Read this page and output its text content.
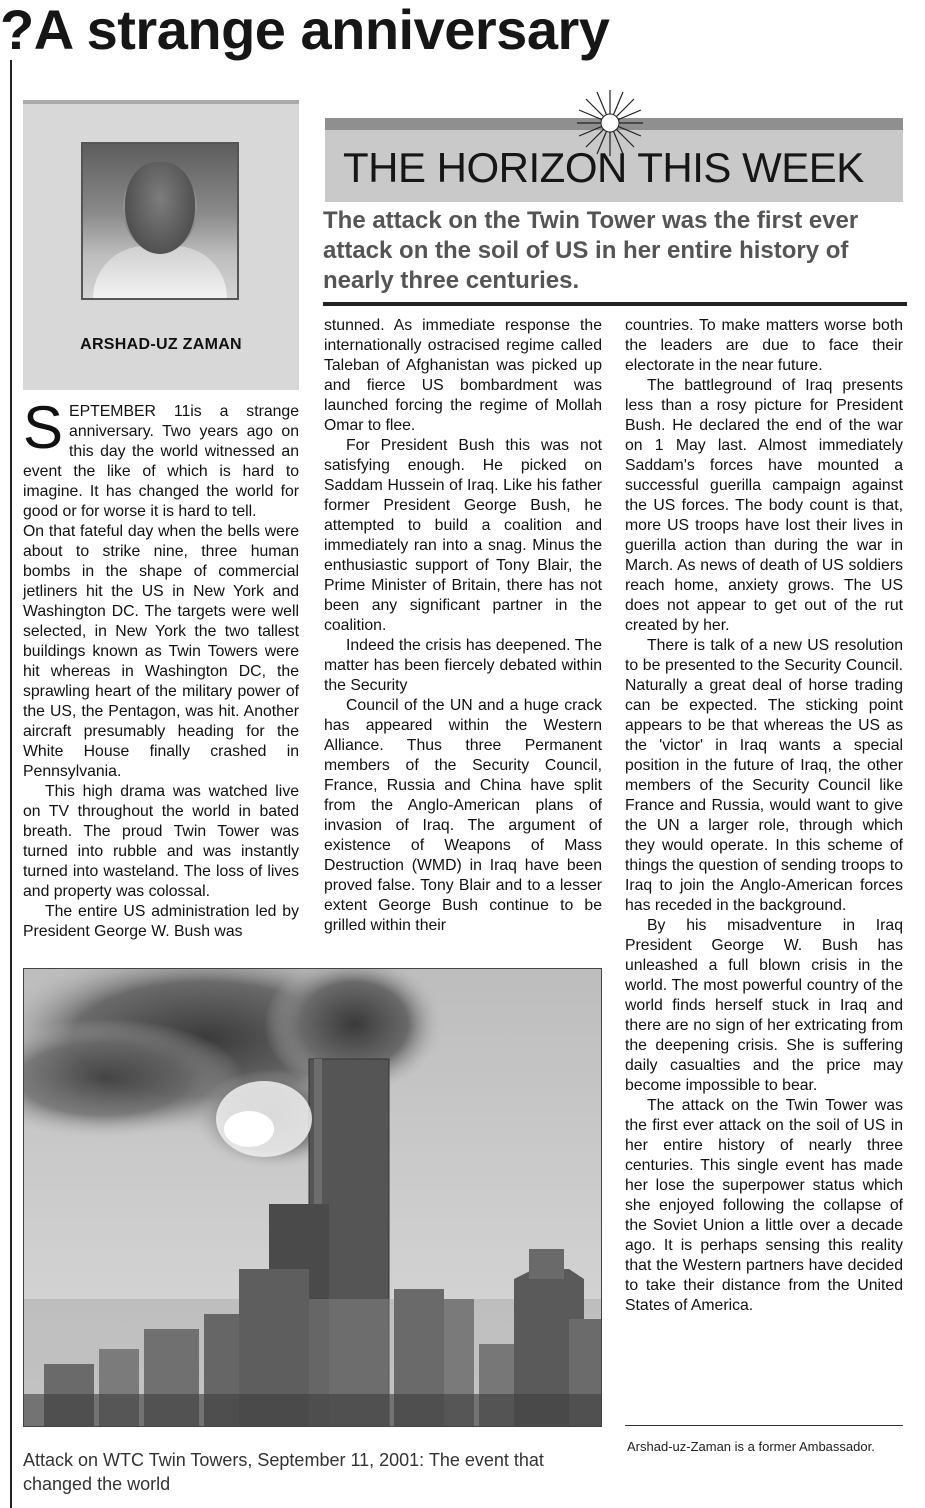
?A strange anniversary
ARSHAD-UZ ZAMAN
THE HORIZON THIS WEEK
The attack on the Twin Tower was the first ever attack on the soil of US in her entire history of nearly three centuries.

SEPTEMBER 11is a strange anniversary. Two years ago on this day the world witnessed an event the like of which is hard to imagine. It has changed the world for good or for worse it is hard to tell.

On that fateful day when the bells were about to strike nine, three human bombs in the shape of commercial jetliners hit the US in New York and Washington DC. The targets were well selected, in New York the two tallest buildings known as Twin Towers were hit whereas in Washington DC, the sprawling heart of the military power of the US, the Pentagon, was hit. Another aircraft presumably heading for the White House finally crashed in Pennsylvania.

This high drama was watched live on TV throughout the world in bated breath. The proud Twin Tower was turned into rubble and was instantly turned into wasteland. The loss of lives and property was colossal.

The entire US administration led by President George W. Bush was

stunned. As immediate response the internationally ostracised regime called Taleban of Afghanistan was picked up and fierce US bombardment was launched forcing the regime of Mollah Omar to flee.

For President Bush this was not satisfying enough. He picked on Saddam Hussein of Iraq. Like his father former President George Bush, he attempted to build a coalition and immediately ran into a snag. Minus the enthusiastic support of Tony Blair, the Prime Minister of Britain, there has not been any significant partner in the coalition.

Indeed the crisis has deepened. The matter has been fiercely debated within the Security

Council of the UN and a huge crack has appeared within the Western Alliance. Thus three Permanent members of the Security Council, France, Russia and China have split from the Anglo-American plans of invasion of Iraq. The argument of existence of Weapons of Mass Destruction (WMD) in Iraq have been proved false. Tony Blair and to a lesser extent George Bush continue to be grilled within their

countries. To make matters worse both the leaders are due to face their electorate in the near future.

The battleground of Iraq presents less than a rosy picture for President Bush. He declared the end of the war on 1 May last. Almost immediately Saddam's forces have mounted a successful guerilla campaign against the US forces. The body count is that, more US troops have lost their lives in guerilla action than during the war in March. As news of death of US soldiers reach home, anxiety grows. The US does not appear to get out of the rut created by her.

There is talk of a new US resolution to be presented to the Security Council. Naturally a great deal of horse trading can be expected. The sticking point appears to be that whereas the US as the 'victor' in Iraq wants a special position in the future of Iraq, the other members of the Security Council like France and Russia, would want to give the UN a larger role, through which they would operate. In this scheme of things the question of sending troops to Iraq to join the Anglo-American forces has receded in the background.

By his misadventure in Iraq President George W. Bush has unleashed a full blown crisis in the world. The most powerful country of the world finds herself stuck in Iraq and there are no sign of her extricating from the deepening crisis. She is suffering daily casualties and the price may become impossible to bear.

The attack on the Twin Tower was the first ever attack on the soil of US in her entire history of nearly three centuries. This single event has made her lose the superpower status which she enjoyed following the collapse of the Soviet Union a little over a decade ago. It is perhaps sensing this reality that the Western partners have decided to take their distance from the United States of America.

Attack on WTC Twin Towers, September 11, 2001: The event that changed the world
Arshad-uz-Zaman is a former Ambassador.
